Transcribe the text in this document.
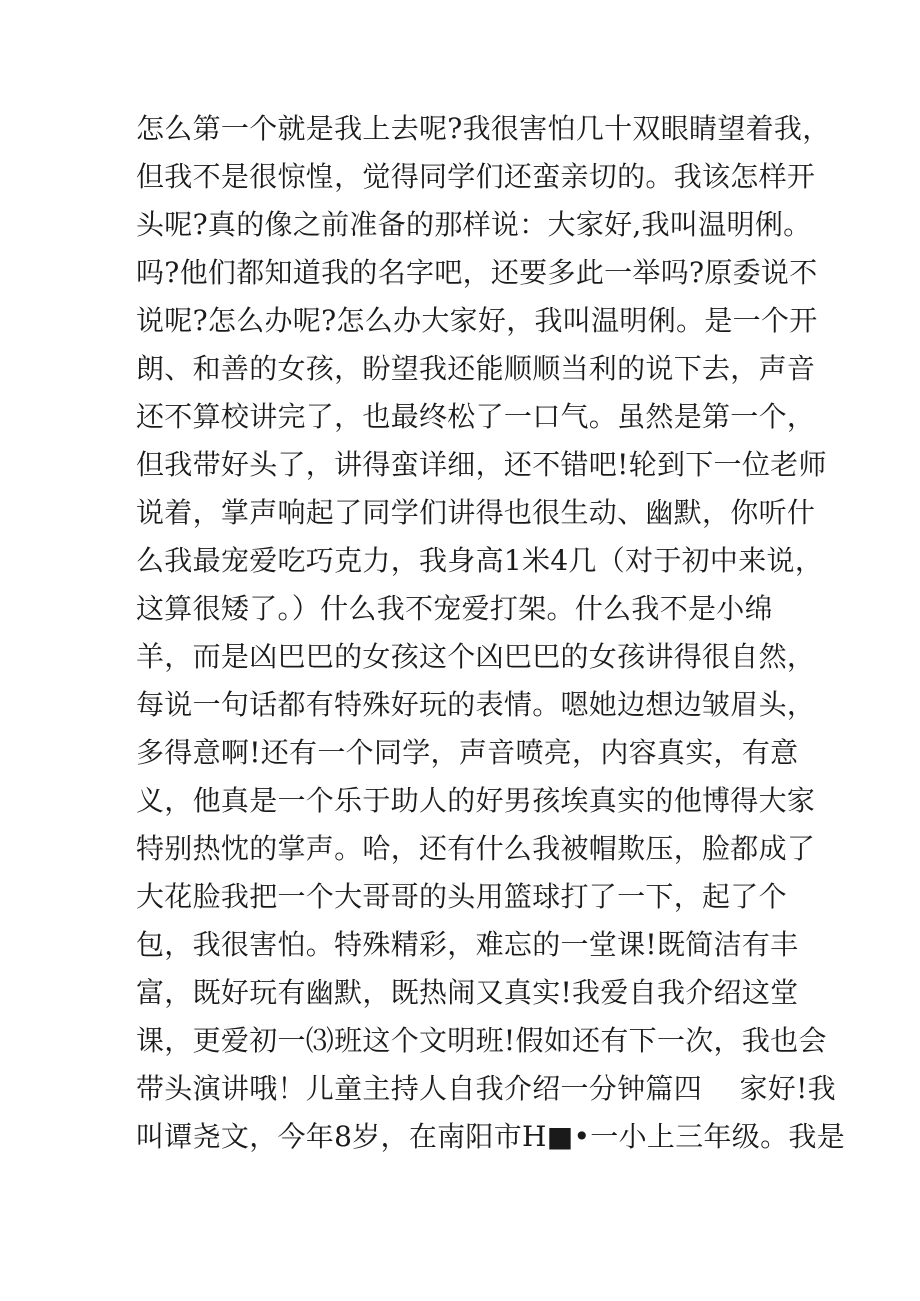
怎么第一个就是我上去呢?我很害怕几十双眼睛望着我，
但我不是很惊惶，觉得同学们还蛮亲切的。我该怎样开
头呢?真的像之前准备的那样说：大家好,我叫温明俐。
吗?他们都知道我的名字吧，还要多此一举吗?原委说不
说呢?怎么办呢?怎么办大家好，我叫温明俐。是一个开
朗、和善的女孩，盼望我还能顺顺当利的说下去，声音
还不算校讲完了，也最终松了一口气。虽然是第一个，
但我带好头了，讲得蛮详细，还不错吧!轮到下一位老师
说着，掌声响起了同学们讲得也很生动、幽默，你听什
么我最宠爱吃巧克力，我身高1米4几（对于初中来说，
这算很矮了。）什么我不宠爱打架。什么我不是小绵
羊，而是凶巴巴的女孩这个凶巴巴的女孩讲得很自然，
每说一句话都有特殊好玩的表情。嗯她边想边皱眉头，
多得意啊!还有一个同学，声音喷亮，内容真实，有意
义，他真是一个乐于助人的好男孩埃真实的他博得大家
特别热忱的掌声。哈，还有什么我被帽欺压，脸都成了
大花脸我把一个大哥哥的头用篮球打了一下，起了个
包，我很害怕。特殊精彩，难忘的一堂课!既简洁有丰
富，既好玩有幽默，既热闹又真实!我爱自我介绍这堂
课，更爱初一⑶班这个文明班!假如还有下一次，我也会
带头演讲哦！儿童主持人自我介绍一分钟篇四　 家好!我
叫谭尧文，今年8岁，在南阳市H■•一小上三年级。我是
